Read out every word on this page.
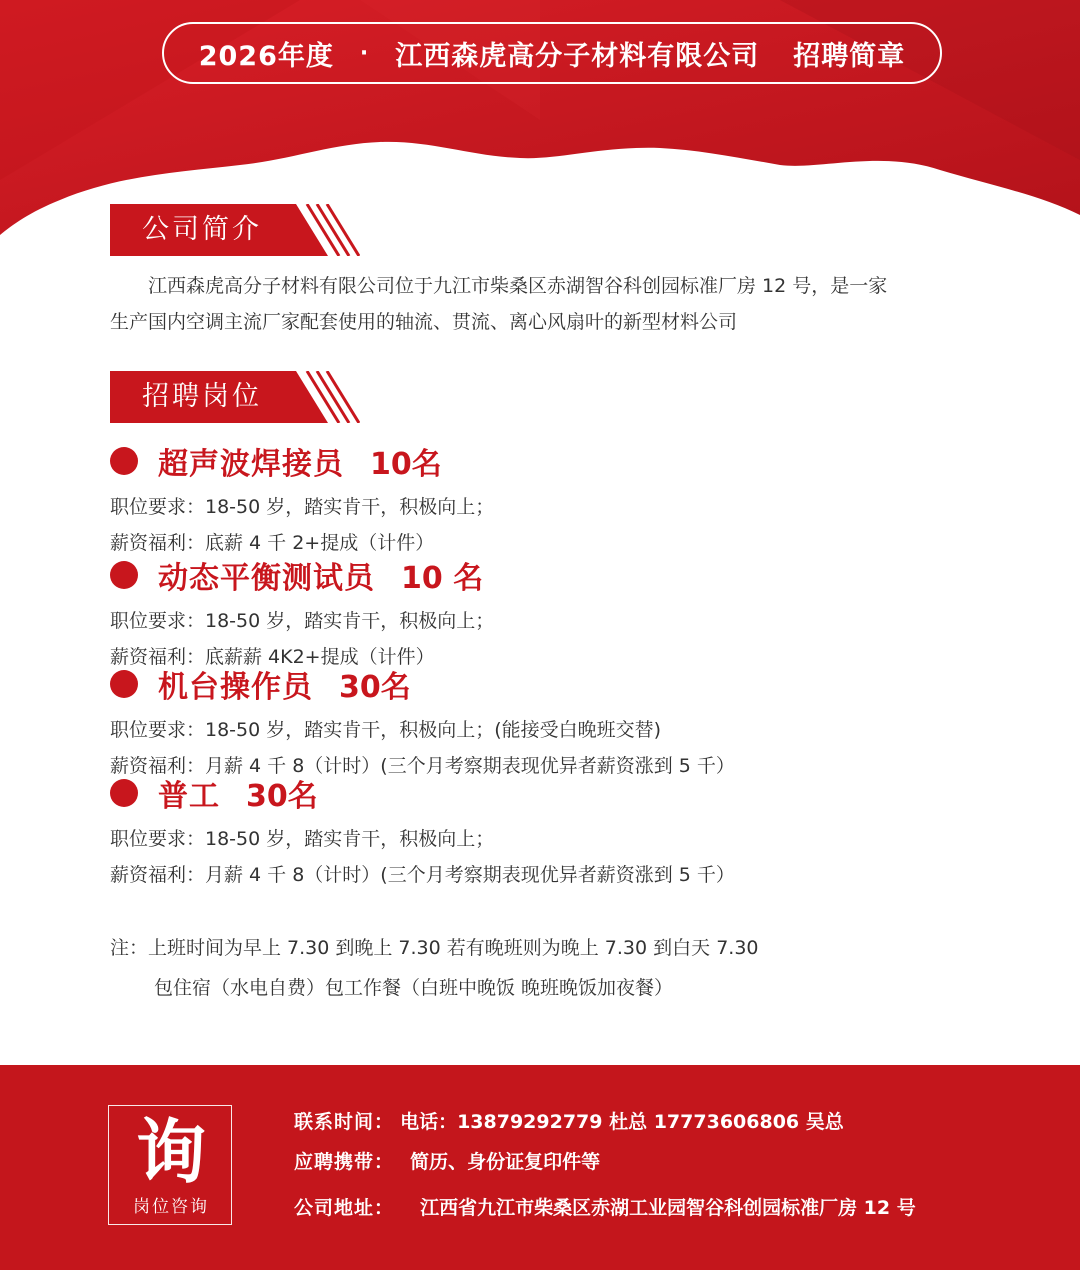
2026年度 · 江西森虎高分子材料有限公司 招聘简章
公司简介
江西森虎高分子材料有限公司位于九江市柴桑区赤湖智谷科创园标准厂房 12 号，是一家
生产国内空调主流厂家配套使用的轴流、贯流、离心风扇叶的新型材料公司
招聘岗位
超声波焊接员 10名
职位要求：18-50 岁，踏实肯干，积极向上；
薪资福利：底薪 4 千 2+提成（计件）
动态平衡测试员 10 名
职位要求：18-50 岁，踏实肯干，积极向上；
薪资福利：底薪薪 4K2+提成（计件）
机台操作员 30名
职位要求：18-50 岁，踏实肯干，积极向上；(能接受白晚班交替)
薪资福利：月薪 4 千 8（计时）(三个月考察期表现优异者薪资涨到 5 千）
普工 30名
职位要求：18-50 岁，踏实肯干，积极向上；
薪资福利：月薪 4 千 8（计时）(三个月考察期表现优异者薪资涨到 5 千）
注：上班时间为早上 7.30 到晚上 7.30 若有晚班则为晚上 7.30 到白天 7.30
包住宿（水电自费）包工作餐（白班中晚饭 晚班晚饭加夜餐）
询
岗位咨询
联系时间： 电话：13879292779 杜总 17773606806 吴总
应聘携带： 简历、身份证复印件等
公司地址： 江西省九江市柴桑区赤湖工业园智谷科创园标准厂房 12 号
